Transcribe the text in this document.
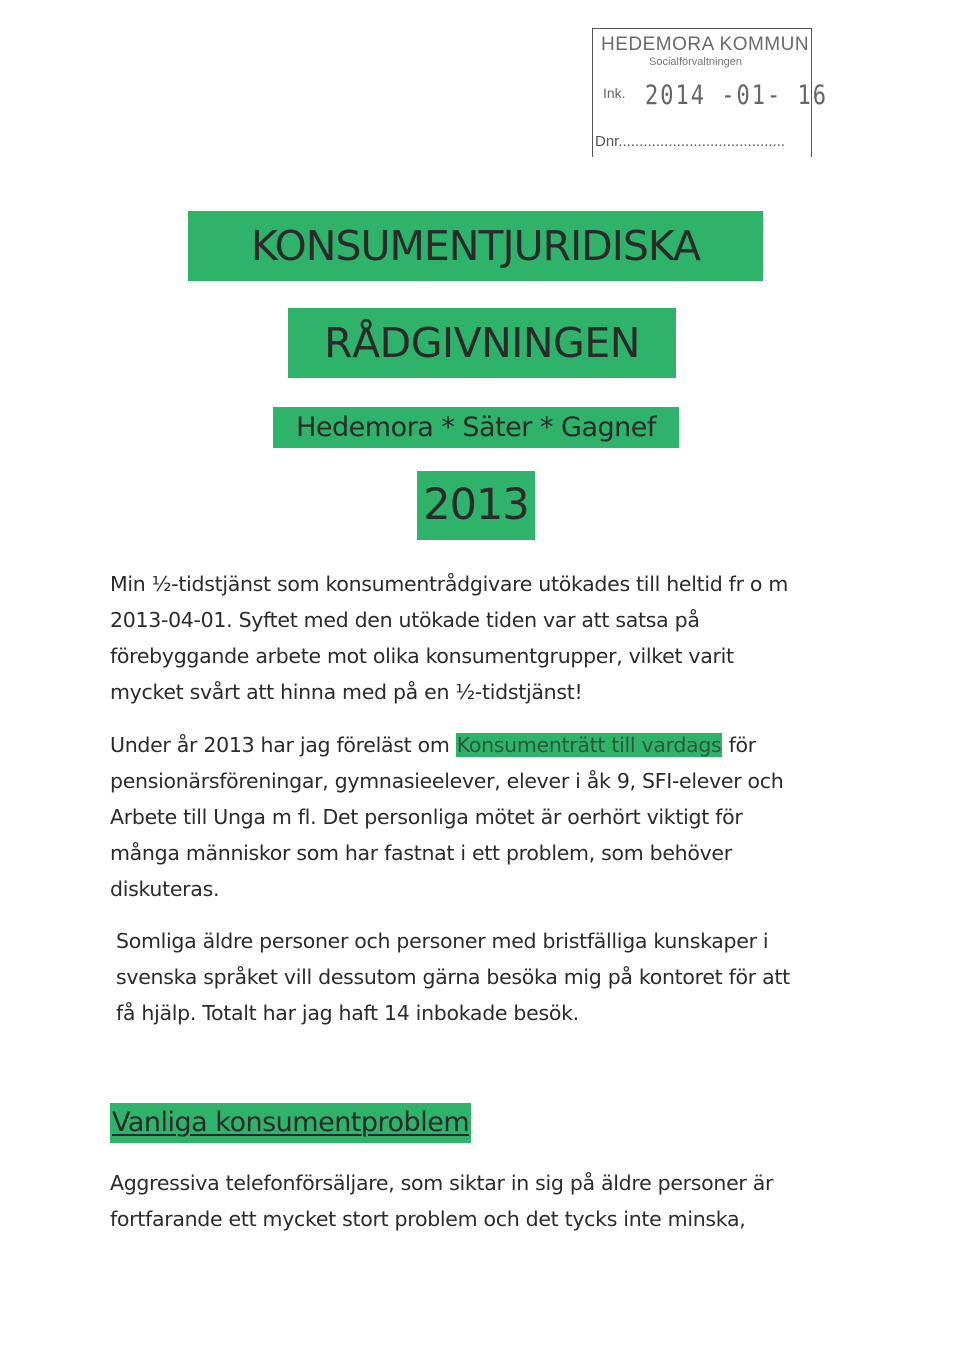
HEDEMORA KOMMUN
Socialförvaltningen
Ink. 2014 -01- 16
Dnr........................................
KONSUMENTJURIDISKA
RÅDGIVNINGEN
Hedemora * Säter * Gagnef
2013
Min ½-tidstjänst som konsumentrådgivare utökades till heltid fr o m
2013-04-01. Syftet med den utökade tiden var att satsa på
förebyggande arbete mot olika konsumentgrupper, vilket varit
mycket svårt att hinna med på en ½-tidstjänst!
Under år 2013 har jag föreläst om Konsumenträtt till vardags för
pensionärsföreningar, gymnasieelever, elever i åk 9, SFI-elever och
Arbete till Unga m fl. Det personliga mötet är oerhört viktigt för
många människor som har fastnat i ett problem, som behöver
diskuteras.
Somliga äldre personer och personer med bristfälliga kunskaper i
svenska språket vill dessutom gärna besöka mig på kontoret för att
få hjälp. Totalt har jag haft 14 inbokade besök.
Vanliga konsumentproblem
Aggressiva telefonförsäljare, som siktar in sig på äldre personer är
fortfarande ett mycket stort problem och det tycks inte minska,
